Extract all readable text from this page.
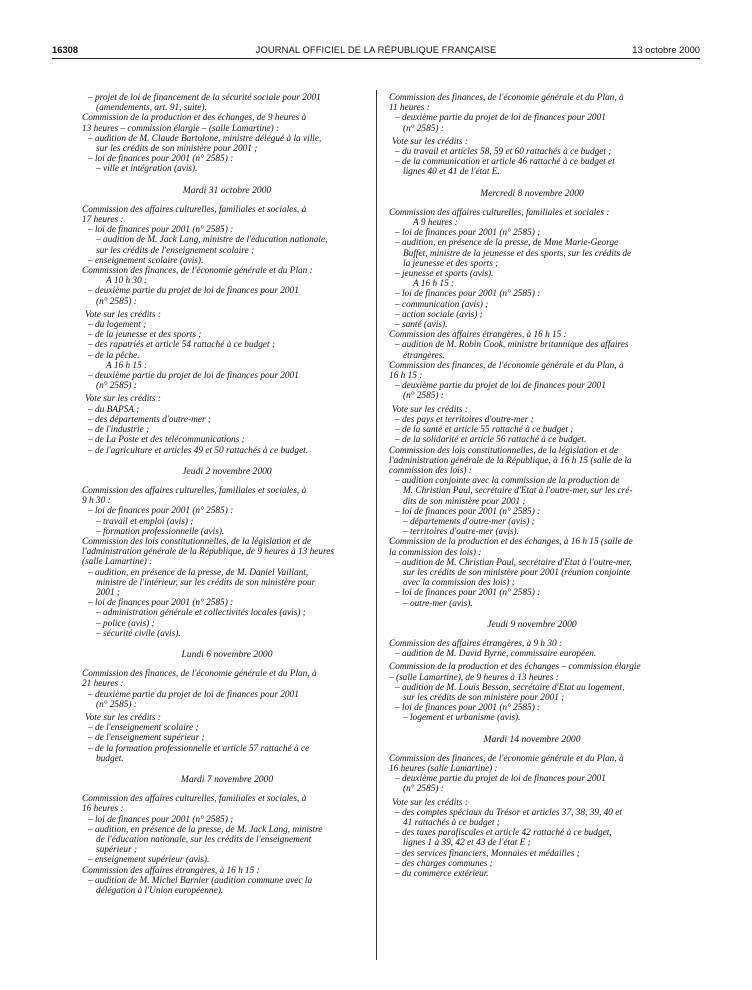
16308	JOURNAL OFFICIEL DE LA RÉPUBLIQUE FRANÇAISE	13 octobre 2000
– projet de loi de financement de la sécurité sociale pour 2001
(amendements, art. 91, suite).
Commission de la production et des échanges, de 9 heures à
13 heures – commission élargie – (salle Lamartine) :
– audition de M. Claude Bartolone, ministre délégué à la ville,
sur les crédits de son ministère pour 2001 ;
– loi de finances pour 2001 (n° 2585) :
– ville et intégration (avis).
Mardi 31 octobre 2000
Commission des affaires culturelles, familiales et sociales, à
17 heures :
– loi de finances pour 2001 (n° 2585) :
– audition de M. Jack Lang, ministre de l'éducation nationale,
sur les crédits de l'enseignement scolaire ;
– enseignement scolaire (avis).
Commission des finances, de l'économie générale et du Plan :
A 10 h 30 :
– deuxième partie du projet de loi de finances pour 2001
(n° 2585) :
Vote sur les crédits :
– du logement ;
– de la jeunesse et des sports ;
– des rapatriés et article 54 rattaché à ce budget ;
– de la pêche.
A 16 h 15 :
– deuxième partie du projet de loi de finances pour 2001
(n° 2585) :
Vote sur les crédits :
– du BAPSA ;
– des départements d'outre-mer ;
– de l'industrie ;
– de La Poste et des télécommunications ;
– de l'agriculture et articles 49 et 50 rattachés à ce budget.
Jeudi 2 novembre 2000
Commission des affaires culturelles, familiales et sociales, à
9 h 30 :
– loi de finances pour 2001 (n° 2585) :
– travail et emploi (avis) ;
– formation professionnelle (avis).
Commission des lois constitutionnelles, de la législation et de
l'administration générale de la République, de 9 heures à 13 heures
(salle Lamartine) :
– audition, en présence de la presse, de M. Daniel Vaillant,
ministre de l'intérieur, sur les crédits de son ministère pour
2001 ;
– loi de finances pour 2001 (n° 2585) :
– administration générale et collectivités locales (avis) ;
– police (avis) ;
– sécurité civile (avis).
Lundi 6 novembre 2000
Commission des finances, de l'économie générale et du Plan, à
21 heures :
– deuxième partie du projet de loi de finances pour 2001
(n° 2585) :
Vote sur les crédits :
– de l'enseignement scolaire ;
– de l'enseignement supérieur ;
– de la formation professionnelle et article 57 rattaché à ce
budget.
Mardi 7 novembre 2000
Commission des affaires culturelles, familiales et sociales, à
16 heures :
– loi de finances pour 2001 (n° 2585) ;
– audition, en présence de la presse, de M. Jack Lang, ministre
de l'éducation nationale, sur les crédits de l'enseignement
supérieur ;
– enseignement supérieur (avis).
Commission des affaires étrangères, à 16 h 15 :
– audition de M. Michel Barnier (audition commune avec la
délégation à l'Union européenne).
Commission des finances, de l'économie générale et du Plan, à
11 heures :
– deuxième partie du projet de loi de finances pour 2001
(n° 2585) :
Vote sur les crédits :
– du travail et articles 58, 59 et 60 rattachés à ce budget ;
– de la communication et article 46 rattaché à ce budget et
lignes 40 et 41 de l'état E.
Mercredi 8 novembre 2000
Commission des affaires culturelles, familiales et sociales :
A 9 heures :
– loi de finances pour 2001 (n° 2585) ;
– audition, en présence de la presse, de Mme Marie-George
Buffet, ministre de la jeunesse et des sports, sur les crédits de
la jeunesse et des sports ;
– jeunesse et sports (avis).
A 16 h 15 :
– loi de finances pour 2001 (n° 2585) :
– communication (avis) ;
– action sociale (avis) ;
– santé (avis).
Commission des affaires étrangères, à 16 h 15 :
– audition de M. Robin Cook, ministre britannique des affaires
étrangères.
Commission des finances, de l'économie générale et du Plan, à
16 h 15 :
– deuxième partie du projet de loi de finances pour 2001
(n° 2585) :
Vote sur les crédits :
– des pays et territoires d'outre-mer ;
– de la santé et article 55 rattaché à ce budget ;
– de la solidarité et article 56 rattaché à ce budget.
Commission des lois constitutionnelles, de la législation et de
l'administration générale de la République, à 16 h 15 (salle de la
commission des lois) :
– audition conjointe avec la commission de la production de
M. Christian Paul, secrétaire d'Etat à l'outre-mer, sur les cré-
dits de son ministère pour 2001 ;
– loi de finances pour 2001 (n° 2585) :
– départements d'outre-mer (avis) ;
– territoires d'outre-mer (avis).
Commission de la production et des échanges, à 16 h 15 (salle de
la commission des lois) :
– audition de M. Christian Paul, secrétaire d'Etat à l'outre-mer,
sur les crédits de son ministère pour 2001 (réunion conjointe
avec la commission des lois) ;
– loi de finances pour 2001 (n° 2585) :
– outre-mer (avis).
Jeudi 9 novembre 2000
Commission des affaires étrangères, à 9 h 30 :
– audition de M. David Byrne, commissaire européen.
Commission de la production et des échanges – commission élargie
– (salle Lamartine), de 9 heures à 13 heures :
– audition de M. Louis Besson, secrétaire d'Etat au logement,
sur les crédits de son ministère pour 2001 ;
– loi de finances pour 2001 (n° 2585) :
– logement et urbanisme (avis).
Mardi 14 novembre 2000
Commission des finances, de l'économie générale et du Plan, à
16 heures (salle Lamartine) :
– deuxième partie du projet de loi de finances pour 2001
(n° 2585) :
Vote sur les crédits :
– des comptes spéciaux du Trésor et articles 37, 38, 39, 40 et
41 rattachés à ce budget ;
– des taxes parafiscales et article 42 rattaché à ce budget,
lignes 1 à 39, 42 et 43 de l'état E ;
– des services financiers, Monnaies et médailles ;
– des charges communes ;
– du commerce extérieur.
